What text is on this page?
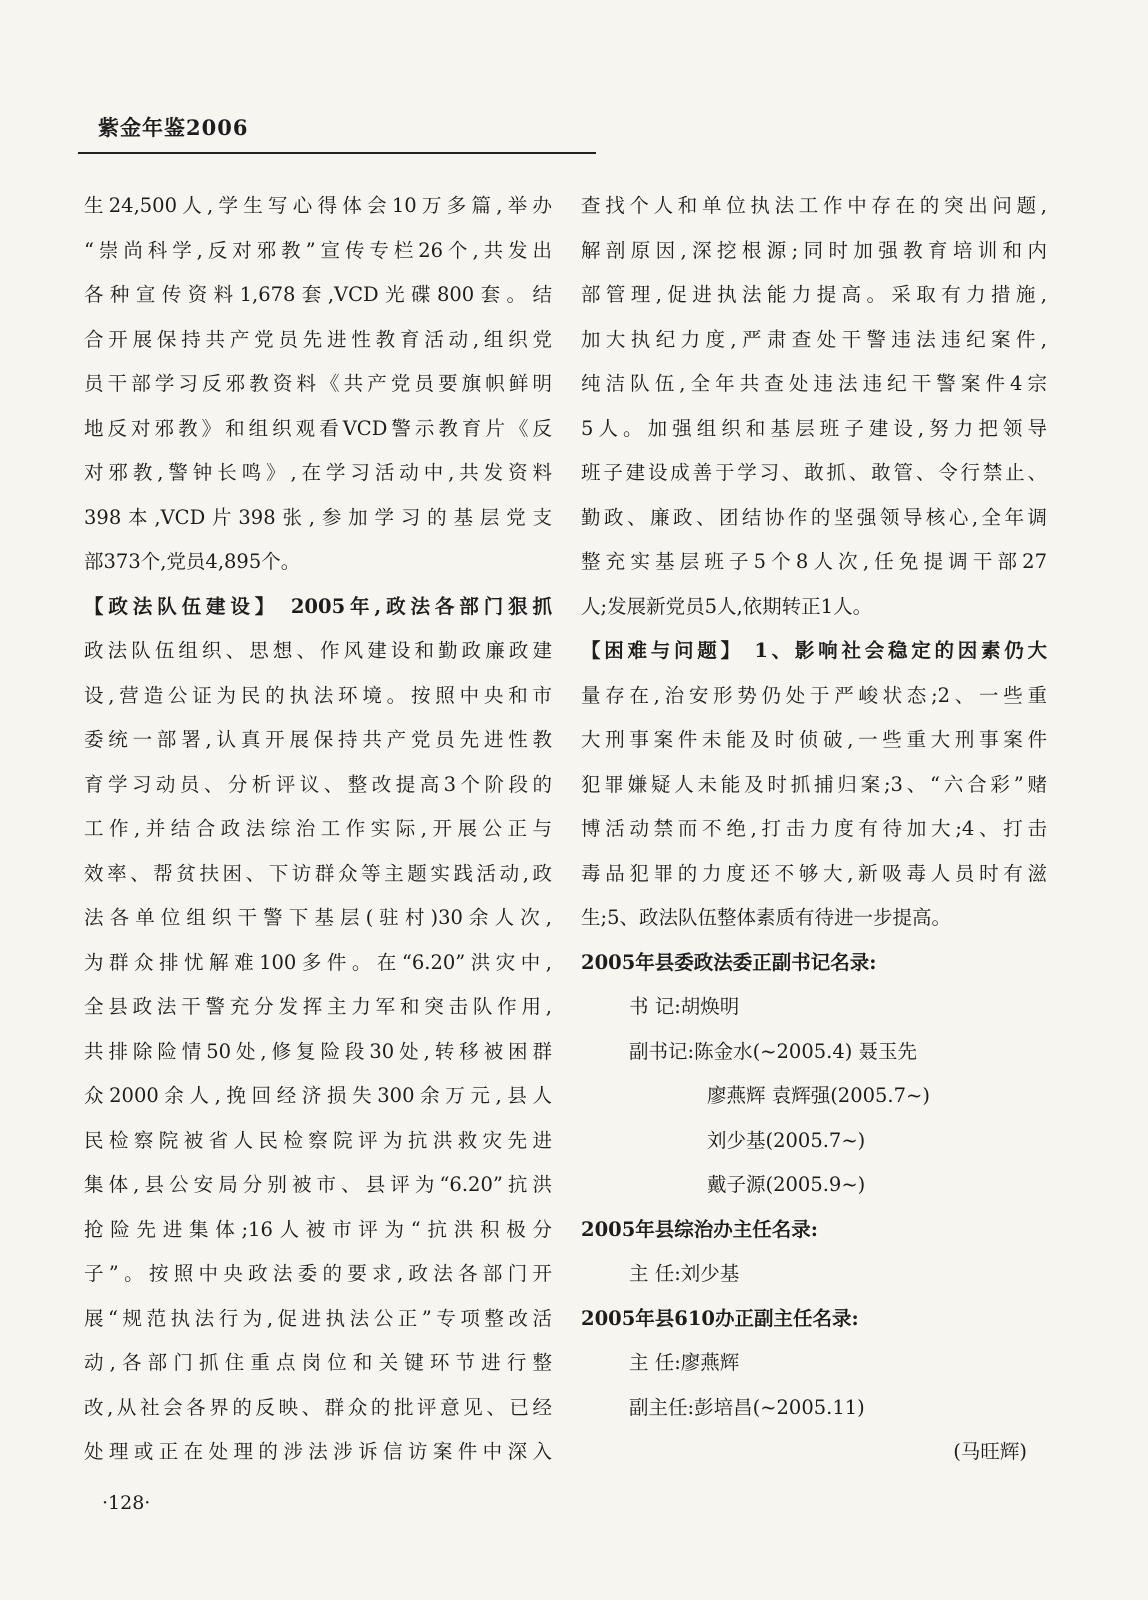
紫金年鉴2006
生24,500人,学生写心得体会10万多篇,举办
“崇尚科学,反对邪教”宣传专栏26个,共发出
各种宣传资料1,678套,VCD光碟800套。结
合开展保持共产党员先进性教育活动,组织党
员干部学习反邪教资料《共产党员要旗帜鲜明
地反对邪教》和组织观看VCD警示教育片《反
对邪教,警钟长鸣》,在学习活动中,共发资料
398本,VCD片398张,参加学习的基层党支
部373个,党员4,895个。
【政法队伍建设】 2005年,政法各部门狠抓
政法队伍组织、思想、作风建设和勤政廉政建
设,营造公证为民的执法环境。按照中央和市
委统一部署,认真开展保持共产党员先进性教
育学习动员、分析评议、整改提高3个阶段的
工作,并结合政法综治工作实际,开展公正与
效率、帮贫扶困、下访群众等主题实践活动,政
法各单位组织干警下基层(驻村)30余人次,
为群众排忧解难100多件。在“6.20”洪灾中,
全县政法干警充分发挥主力军和突击队作用,
共排除险情50处,修复险段30处,转移被困群
众2000余人,挽回经济损失300余万元,县人
民检察院被省人民检察院评为抗洪救灾先进
集体,县公安局分别被市、县评为“6.20”抗洪
抢险先进集体;16人被市评为“抗洪积极分
子”。按照中央政法委的要求,政法各部门开
展“规范执法行为,促进执法公正”专项整改活
动,各部门抓住重点岗位和关键环节进行整
改,从社会各界的反映、群众的批评意见、已经
处理或正在处理的涉法涉诉信访案件中深入
查找个人和单位执法工作中存在的突出问题,
解剖原因,深挖根源;同时加强教育培训和内
部管理,促进执法能力提高。采取有力措施,
加大执纪力度,严肃查处干警违法违纪案件,
纯洁队伍,全年共查处违法违纪干警案件4宗
5人。加强组织和基层班子建设,努力把领导
班子建设成善于学习、敢抓、敢管、令行禁止、
勤政、廉政、团结协作的坚强领导核心,全年调
整充实基层班子5个8人次,任免提调干部27
人;发展新党员5人,依期转正1人。
【困难与问题】 1、影响社会稳定的因素仍大
量存在,治安形势仍处于严峻状态;2、一些重
大刑事案件未能及时侦破,一些重大刑事案件
犯罪嫌疑人未能及时抓捕归案;3、“六合彩”赌
博活动禁而不绝,打击力度有待加大;4、打击
毒品犯罪的力度还不够大,新吸毒人员时有滋
生;5、政法队伍整体素质有待进一步提高。
2005年县委政法委正副书记名录:
书 记:胡焕明
副书记:陈金水(~2005.4) 聂玉先
廖燕辉 袁辉强(2005.7~)
刘少基(2005.7~)
戴子源(2005.9~)
2005年县综治办主任名录:
主 任:刘少基
2005年县610办正副主任名录:
主 任:廖燕辉
副主任:彭培昌(~2005.11)
(马旺辉)
·128·
